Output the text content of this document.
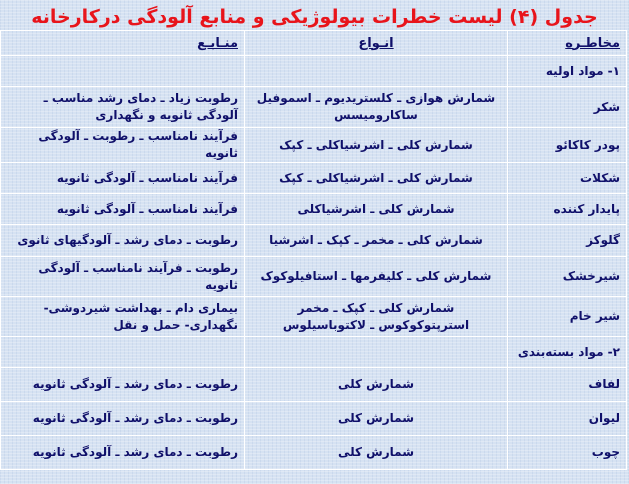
جدول (۴) لیست خطرات بیولوژیکی و منابع آلودگی درکارخانه
مخاطـره	انـواع	منـابـع
۱- مواد اولیه		
شکر	شمارش هوازی ـ کلستریدیوم ـ اسموفیل ساکارومیسس	رطوبت زیاد ـ دمای رشد مناسب ـ آلودگی ثانویه و نگهداری
پودر کاکائو	شمارش کلی ـ اشرشیاکلی ـ کپک	فرآیند نامناسب ـ رطوبت ـ آلودگی ثانویه
شکلات	شمارش کلی ـ اشرشیاکلی ـ کپک	فرآیند نامناسب ـ آلودگی ثانویه
پایدار کننده	شمارش کلی ـ اشرشیاکلی	فرآیند نامناسب ـ آلودگی ثانویه
گلوکز	شمارش کلی ـ مخمر ـ کپک ـ اشرشیا	رطوبت ـ دمای رشد ـ آلودگیهای ثانوی
شیرخشک	شمارش کلی ـ کلیفرمها ـ استافیلوکوک	رطوبت ـ فرآیند نامناسب ـ آلودگی ثانویه
شیر خام	شمارش کلی ـ کپک ـ مخمر استرپتوکوکوس ـ لاکتوباسیلوس	بیماری دام ـ بهداشت شیردوشی- نگهداری- حمل و نقل
۲- مواد بسته‌بندی		
لفاف	شمارش کلی	رطوبت ـ دمای رشد ـ آلودگی ثانویه
لیوان	شمارش کلی	رطوبت ـ دمای رشد ـ آلودگی ثانویه
چوب	شمارش کلی	رطوبت ـ دمای رشد ـ آلودگی ثانویه
